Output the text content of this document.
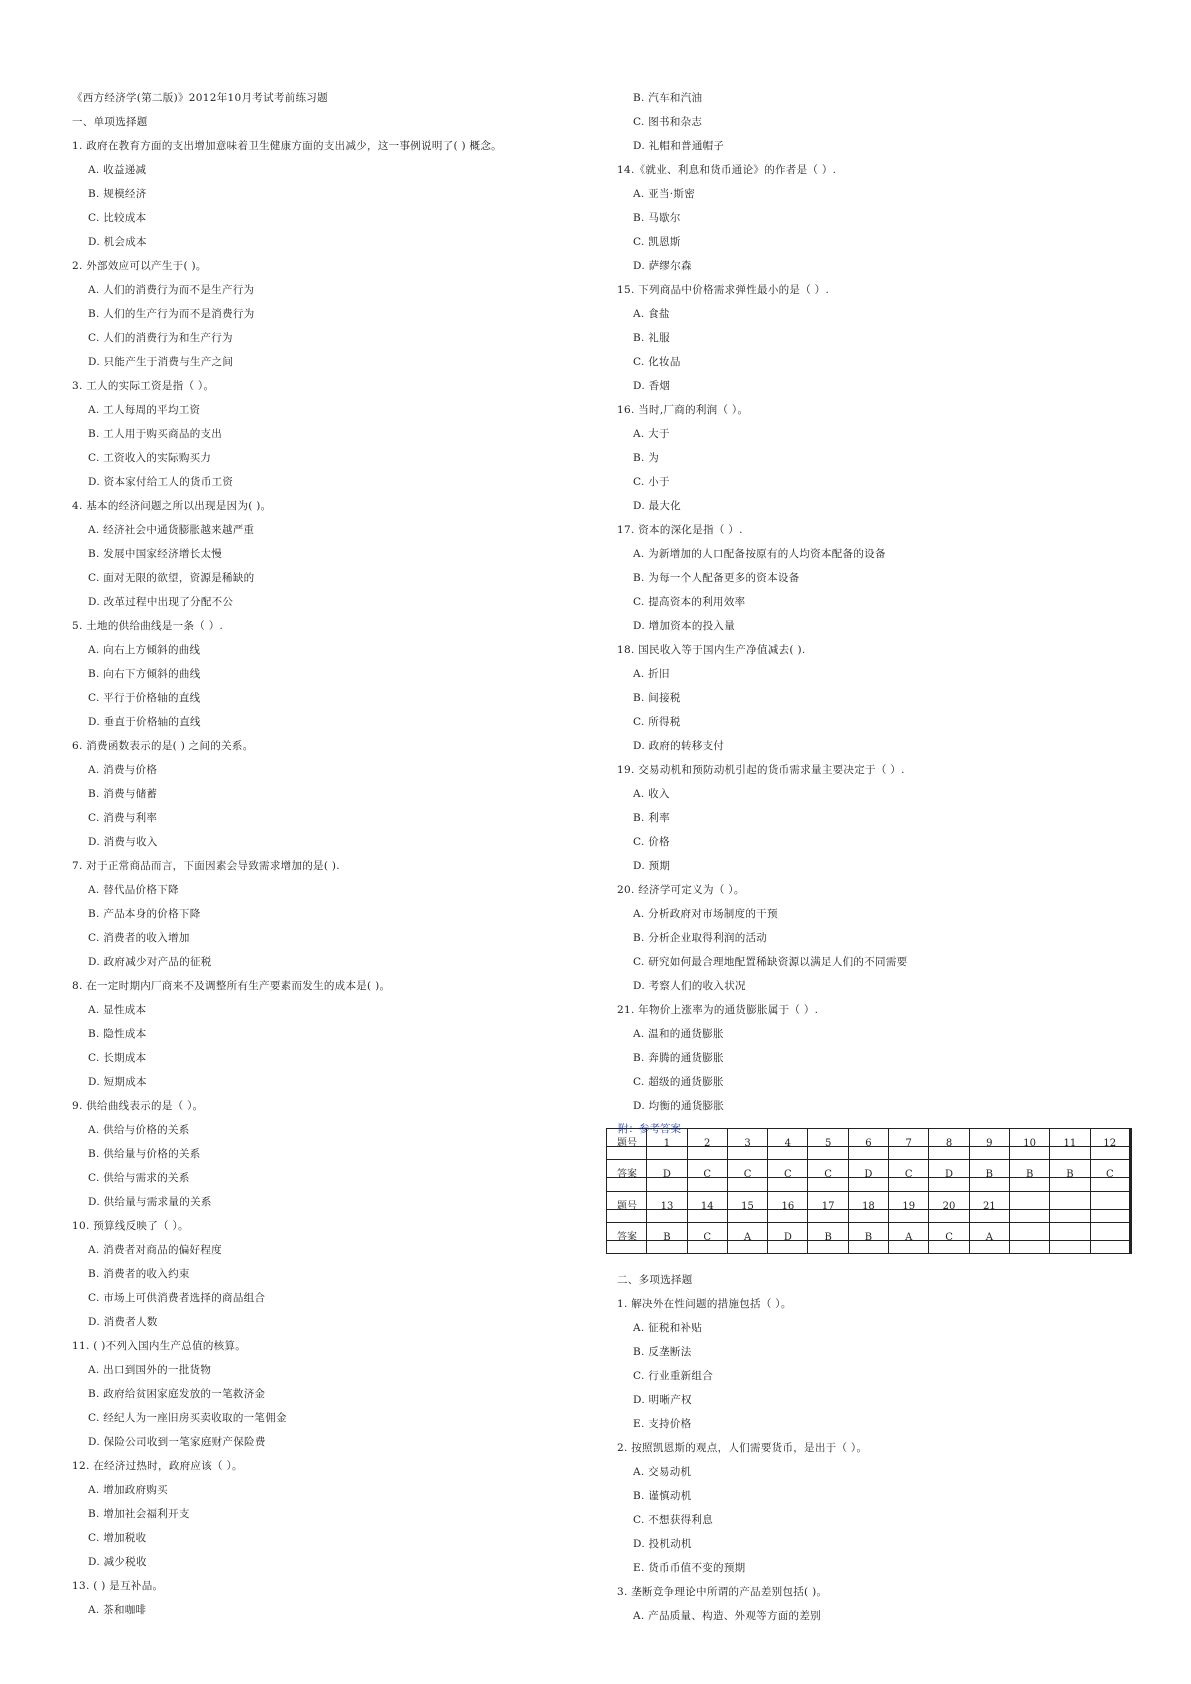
《西方经济学(第二版)》2012年10月考试考前练习题
一、单项选择题
1. 政府在教育方面的支出增加意味着卫生健康方面的支出减少，这一事例说明了( ) 概念。
A. 收益递减
B. 规模经济
C. 比较成本
D. 机会成本
2. 外部效应可以产生于( )。
A. 人们的消费行为而不是生产行为
B. 人们的生产行为而不是消费行为
C. 人们的消费行为和生产行为
D. 只能产生于消费与生产之间
3. 工人的实际工资是指（ ）。
A. 工人每周的平均工资
B. 工人用于购买商品的支出
C. 工资收入的实际购买力
D. 资本家付给工人的货币工资
4. 基本的经济问题之所以出现是因为( )。
A. 经济社会中通货膨胀越来越严重
B. 发展中国家经济增长太慢
C. 面对无限的欲望，资源是稀缺的
D. 改革过程中出现了分配不公
5. 土地的供给曲线是一条（ ）.
A. 向右上方倾斜的曲线
B. 向右下方倾斜的曲线
C. 平行于价格轴的直线
D. 垂直于价格轴的直线
6. 消费函数表示的是( ) 之间的关系。
A. 消费与价格
B. 消费与储蓄
C. 消费与利率
D. 消费与收入
7. 对于正常商品而言，下面因素会导致需求增加的是( ).
A. 替代品价格下降
B. 产品本身的价格下降
C. 消费者的收入增加
D. 政府减少对产品的征税
8. 在一定时期内厂商来不及调整所有生产要素而发生的成本是( )。
A. 显性成本
B. 隐性成本
C. 长期成本
D. 短期成本
9. 供给曲线表示的是（ ）。
A. 供给与价格的关系
B. 供给量与价格的关系
C. 供给与需求的关系
D. 供给量与需求量的关系
10. 预算线反映了（ ）。
A. 消费者对商品的偏好程度
B. 消费者的收入约束
C. 市场上可供消费者选择的商品组合
D. 消费者人数
11. ( )不列入国内生产总值的核算。
A. 出口到国外的一批货物
B. 政府给贫困家庭发放的一笔救济金
C. 经纪人为一座旧房买卖收取的一笔佣金
D. 保险公司收到一笔家庭财产保险费
12. 在经济过热时，政府应该（ ）。
A. 增加政府购买
B. 增加社会福利开支
C. 增加税收
D. 减少税收
13. ( ) 是互补品。
A. 茶和咖啡
B. 汽车和汽油
C. 图书和杂志
D. 礼帽和普通帽子
14.《就业、利息和货币通论》的作者是（ ）.
A. 亚当·斯密
B. 马歇尔
C. 凯恩斯
D. 萨缪尔森
15. 下列商品中价格需求弹性最小的是（ ）.
A. 食盐
B. 礼服
C. 化妆品
D. 香烟
16. 当时,厂商的利润（ ）。
A. 大于
B. 为
C. 小于
D. 最大化
17. 资本的深化是指（ ）.
A. 为新增加的人口配备按原有的人均资本配备的设备
B. 为每一个人配备更多的资本设备
C. 提高资本的利用效率
D. 增加资本的投入量
18. 国民收入等于国内生产净值减去( ).
A. 折旧
B. 间接税
C. 所得税
D. 政府的转移支付
19. 交易动机和预防动机引起的货币需求量主要决定于（ ）.
A. 收入
B. 利率
C. 价格
D. 预期
20. 经济学可定义为（ ）。
A. 分析政府对市场制度的干预
B. 分析企业取得利润的活动
C. 研究如何最合理地配置稀缺资源以满足人们的不同需要
D. 考察人们的收入状况
21. 年物价上涨率为的通货膨胀属于（ ）.
A. 温和的通货膨胀
B. 奔腾的通货膨胀
C. 超级的通货膨胀
D. 均衡的通货膨胀
附：参考答案
题号	1	2	3	4	5	6	7	8	9	10	11	12
答案	D	C	C	C	C	D	C	D	B	B	B	C
题号	13	14	15	16	17	18	19	20	21			
答案	B	C	A	D	B	B	A	C	A			
二、多项选择题
1. 解决外在性问题的措施包括（ ）。
A. 征税和补贴
B. 反垄断法
C. 行业重新组合
D. 明晰产权
E. 支持价格
2. 按照凯恩斯的观点，人们需要货币，是出于（ ）。
A. 交易动机
B. 谨慎动机
C. 不想获得利息
D. 投机动机
E. 货币币值不变的预期
3. 垄断竞争理论中所谓的产品差别包括( )。
A. 产品质量、构造、外观等方面的差别
